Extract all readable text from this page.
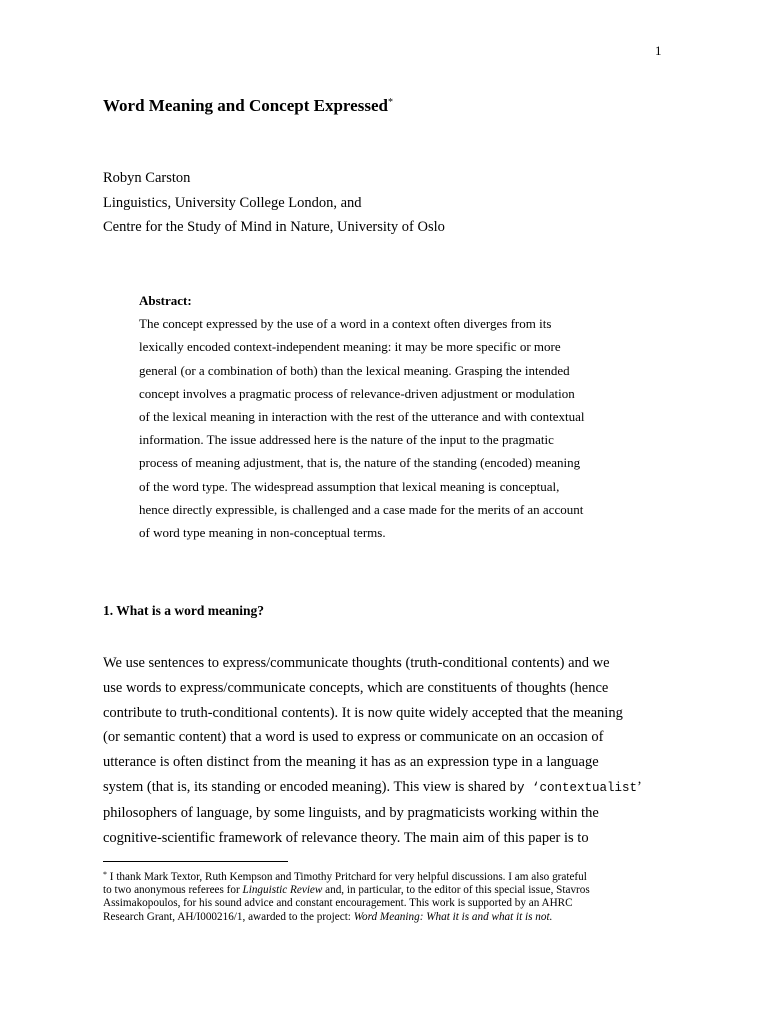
1
Word Meaning and Concept Expressed*
Robyn Carston
Linguistics, University College London, and
Centre for the Study of Mind in Nature, University of Oslo
Abstract:
The concept expressed by the use of a word in a context often diverges from its
lexically encoded context-independent meaning: it may be more specific or more
general (or a combination of both) than the lexical meaning. Grasping the intended
concept involves a pragmatic process of relevance-driven adjustment or modulation
of the lexical meaning in interaction with the rest of the utterance and with contextual
information. The issue addressed here is the nature of the input to the pragmatic
process of meaning adjustment, that is, the nature of the standing (encoded) meaning
of the word type. The widespread assumption that lexical meaning is conceptual,
hence directly expressible, is challenged and a case made for the merits of an account
of word type meaning in non-conceptual terms.
1. What is a word meaning?
We use sentences to express/communicate thoughts (truth-conditional contents) and we
use words to express/communicate concepts, which are constituents of thoughts (hence
contribute to truth-conditional contents). It is now quite widely accepted that the meaning
(or semantic content) that a word is used to express or communicate on an occasion of
utterance is often distinct from the meaning it has as an expression type in a language
system (that is, its standing or encoded meaning). This view is shared by ‘contextualist’
philosophers of language, by some linguists, and by pragmaticists working within the
cognitive-scientific framework of relevance theory. The main aim of this paper is to
* I thank Mark Textor, Ruth Kempson and Timothy Pritchard for very helpful discussions. I am also grateful
to two anonymous referees for Linguistic Review and, in particular, to the editor of this special issue, Stavros
Assimakopoulos, for his sound advice and constant encouragement. This work is supported by an AHRC
Research Grant, AH/I000216/1, awarded to the project: Word Meaning: What it is and what it is not.
